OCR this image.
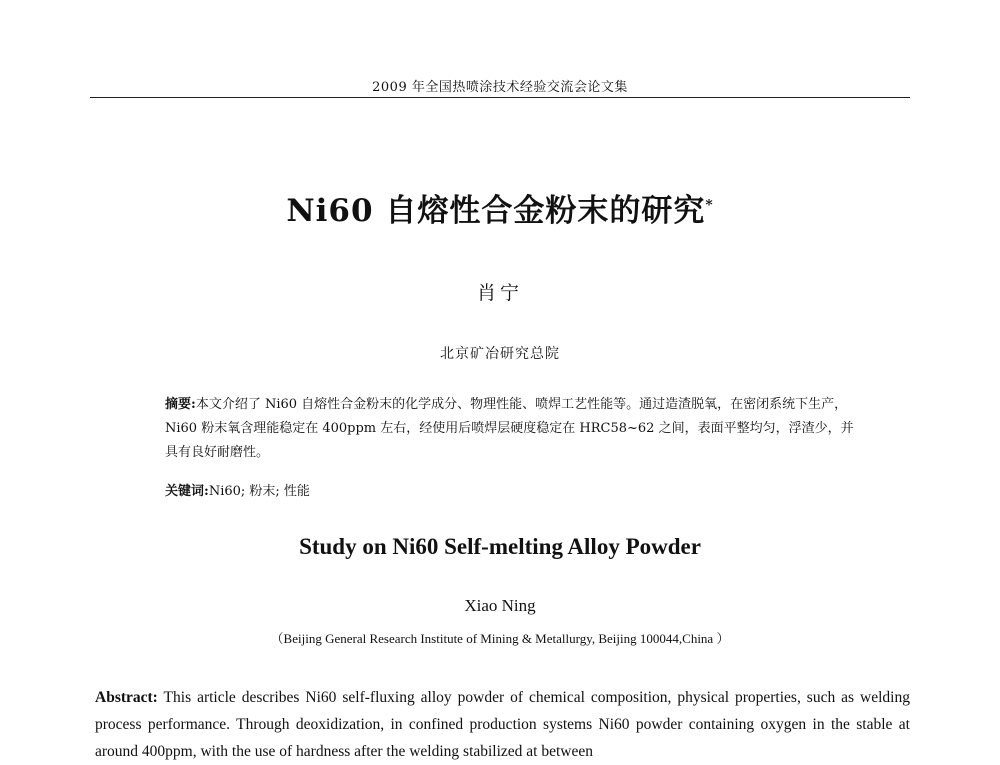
2009 年全国热喷涂技术经验交流会论文集
Ni60 自熔性合金粉末的研究*
肖宁
北京矿冶研究总院
摘要:本文介绍了 Ni60 自熔性合金粉末的化学成分、物理性能、喷焊工艺性能等。通过造渣脱氧，在密闭系统下生产，Ni60 粉末氧含理能稳定在 400ppm 左右，经使用后喷焊层硬度稳定在 HRC58~62 之间，表面平整均匀，浮渣少，并具有良好耐磨性。
关键词:Ni60; 粉末; 性能
Study on Ni60 Self-melting Alloy Powder
Xiao Ning
（Beijing General Research Institute of Mining & Metallurgy, Beijing 100044,China ）
Abstract: This article describes Ni60 self-fluxing alloy powder of chemical composition, physical properties, such as welding process performance. Through deoxidization, in confined production systems Ni60 powder containing oxygen in the stable at around 400ppm, with the use of hardness after the welding stabilized at between
